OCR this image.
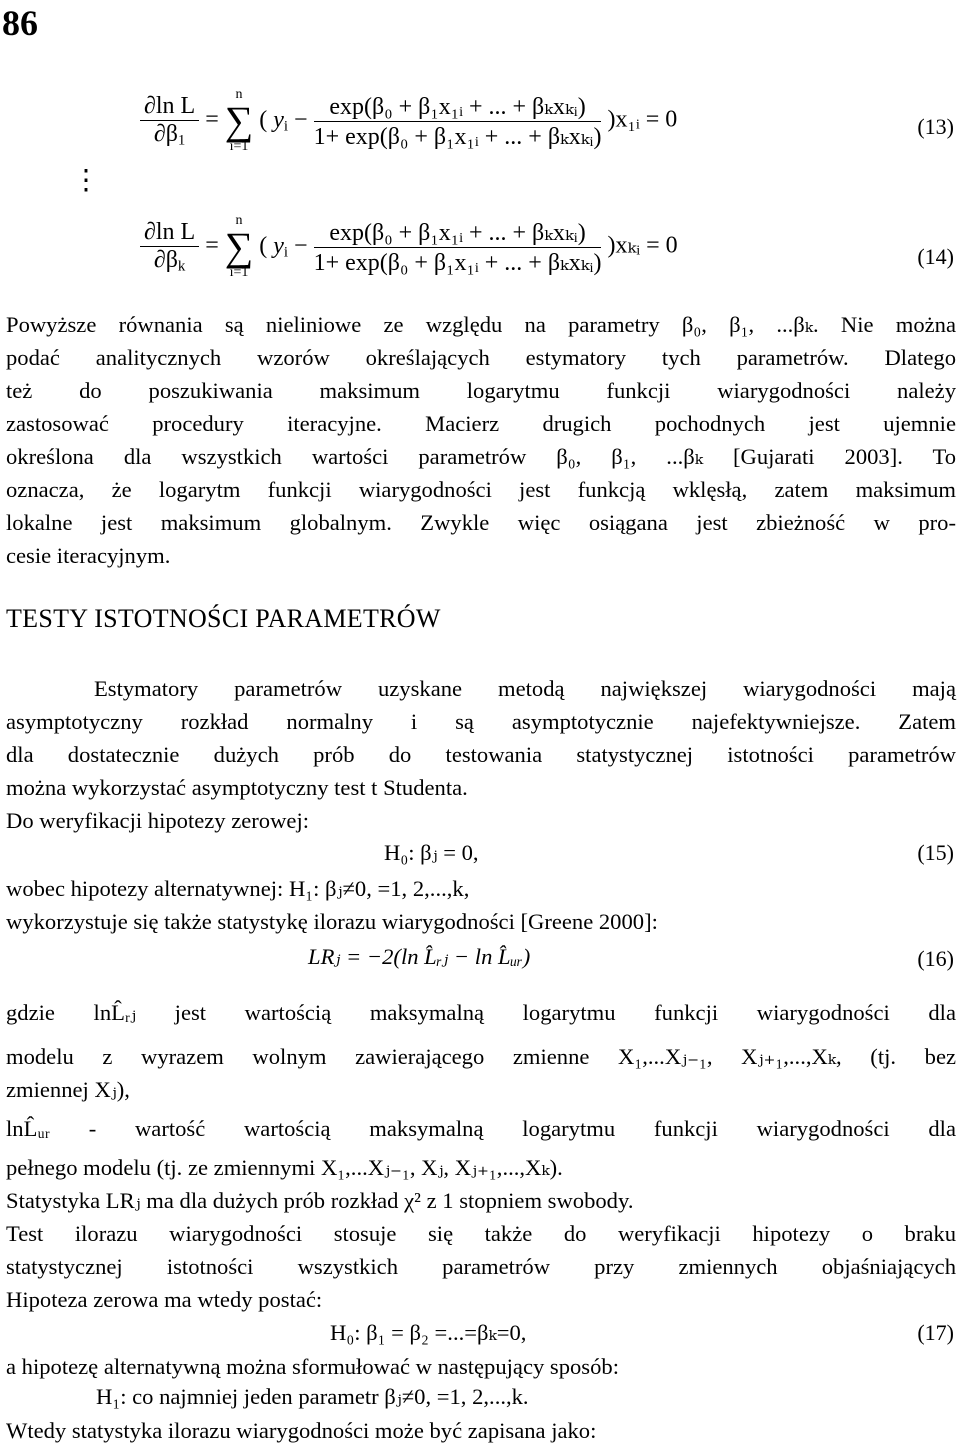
86
$\frac{\text{∂ln L}}{\partial\beta_1} = n$
∑
i=1 ( $y_i - \frac{\text{exp(β₀ + β₁x₁ᵢ + ... + βₖxₖᵢ)}}{\text{1+ exp(β₀ + β₁x₁ᵢ + ... + βₖxₖᵢ)}}$ )x₁ᵢ = 0	(13)
⋮
$\frac{\text{∂ln L}}{\partial\beta_k} = n$
∑
i=1 ( $y_i - \frac{\text{exp(β₀ + β₁x₁ᵢ + ... + βₖxₖᵢ)}}{\text{1+ exp(β₀ + β₁x₁ᵢ + ... + βₖxₖᵢ)}}$ )xₖᵢ = 0	(14)
Powyższe równania są nieliniowe ze względu na parametry β₀, β₁, ...βₖ. Nie można
podać analitycznych wzorów określających estymatory tych parametrów. Dlatego
też do poszukiwania maksimum logarytmu funkcji wiarygodności należy
zastosować procedury iteracyjne. Macierz drugich pochodnych jest ujemnie
określona dla wszystkich wartości parametrów β₀, β₁, ...βₖ [Gujarati 2003]. To
oznacza, że logarytm funkcji wiarygodności jest funkcją wklęsłą, zatem maksimum
lokalne jest maksimum globalnym. Zwykle więc osiągana jest zbieżność w pro-
cesie iteracyjnym.
TESTY ISTOTNOŚCI PARAMETRÓW
Estymatory parametrów uzyskane metodą największej wiarygodności mają
asymptotyczny rozkład normalny i są asymptotycznie najefektywniejsze. Zatem
dla dostatecznie dużych prób do testowania statystycznej istotności parametrów
można wykorzystać asymptotyczny test t Studenta.
Do weryfikacji hipotezy zerowej:
H₀: βⱼ = 0,	(15)
wobec hipotezy alternatywnej: H₁: βⱼ≠0, =1, 2,...,k,
wykorzystuje się także statystykę ilorazu wiarygodności [Greene 2000]:
LRⱼ = −2(ln L̂ᵣⱼ − ln L̂ᵤᵣ)	(16)
gdzie lnL̂ᵣⱼ jest wartością maksymalną logarytmu funkcji wiarygodności dla
modelu z wyrazem wolnym zawierającego zmienne X₁,...Xⱼ₋₁, Xⱼ₊₁,...,Xₖ, (tj. bez
zmiennej Xⱼ),
lnL̂ᵤᵣ - wartość wartością maksymalną logarytmu funkcji wiarygodności dla
pełnego modelu (tj. ze zmiennymi X₁,...Xⱼ₋₁, Xⱼ, Xⱼ₊₁,...,Xₖ).
Statystyka LRⱼ ma dla dużych prób rozkład χ² z 1 stopniem swobody.
Test ilorazu wiarygodności stosuje się także do weryfikacji hipotezy o braku
statystycznej istotności wszystkich parametrów przy zmiennych objaśniających
Hipoteza zerowa ma wtedy postać:
H₀: β₁ = β₂ =...=βₖ=0,	(17)
a hipotezę alternatywną można sformułować w następujący sposób:
H₁: co najmniej jeden parametr βⱼ≠0, =1, 2,...,k.
Wtedy statystyka ilorazu wiarygodności może być zapisana jako:
